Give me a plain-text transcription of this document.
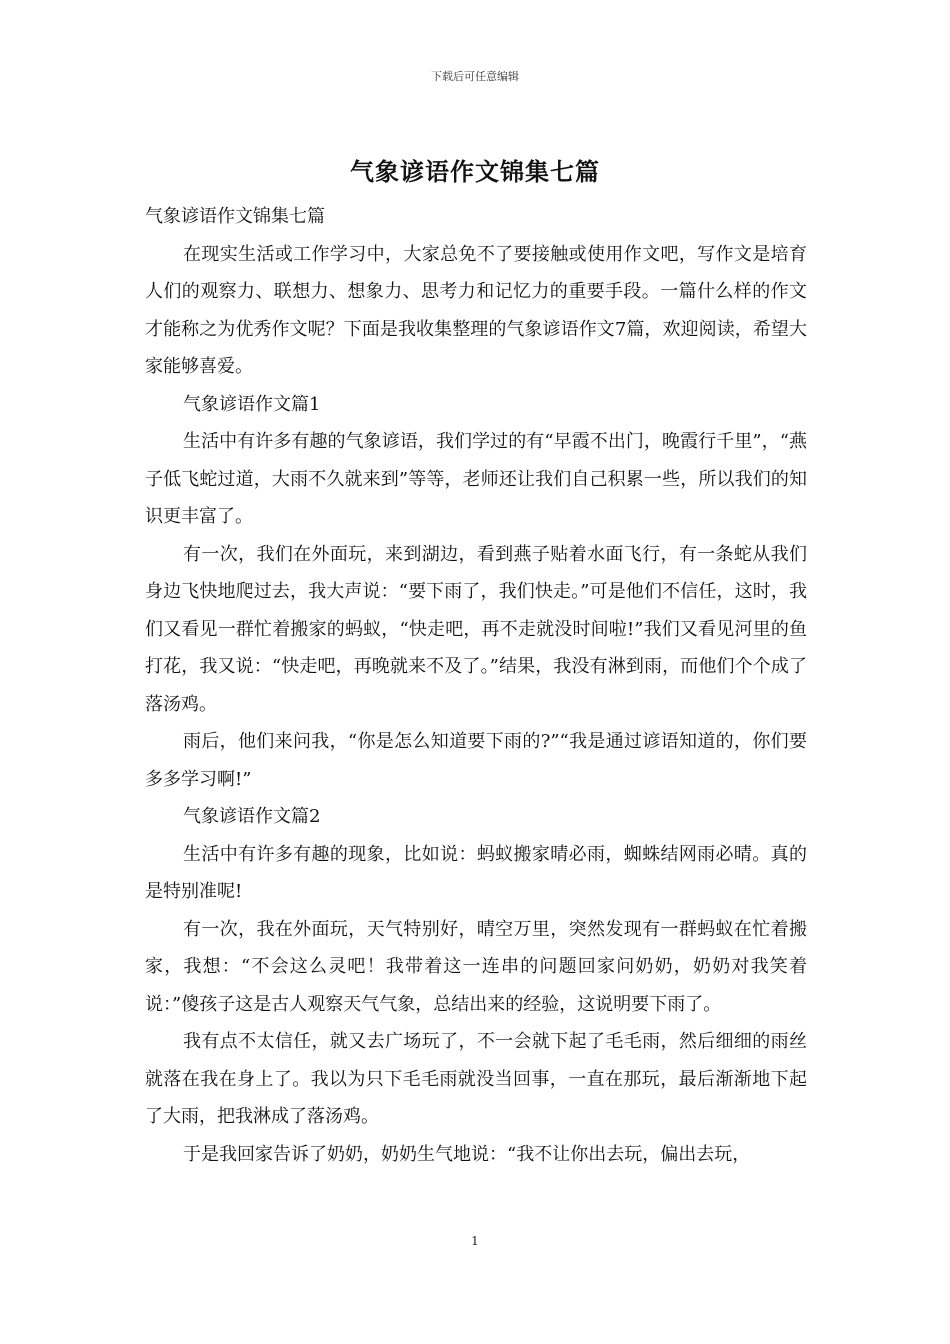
下载后可任意编辑
气象谚语作文锦集七篇

气象谚语作文锦集七篇

在现实生活或工作学习中，大家总免不了要接触或使用作文吧，写作文是培育人们的观察力、联想力、想象力、思考力和记忆力的重要手段。一篇什么样的作文才能称之为优秀作文呢？下面是我收集整理的气象谚语作文7篇，欢迎阅读，希望大家能够喜爱。

气象谚语作文篇1

生活中有许多有趣的气象谚语，我们学过的有“早霞不出门，晚霞行千里”，“燕子低飞蛇过道，大雨不久就来到”等等，老师还让我们自己积累一些，所以我们的知识更丰富了。

有一次，我们在外面玩，来到湖边，看到燕子贴着水面飞行，有一条蛇从我们身边飞快地爬过去，我大声说：“要下雨了，我们快走。”可是他们不信任，这时，我们又看见一群忙着搬家的蚂蚁，“快走吧，再不走就没时间啦!”我们又看见河里的鱼打花，我又说：“快走吧，再晚就来不及了。”结果，我没有淋到雨，而他们个个成了落汤鸡。

雨后，他们来问我，“你是怎么知道要下雨的?”“我是通过谚语知道的，你们要多多学习啊!”

气象谚语作文篇2

生活中有许多有趣的现象，比如说：蚂蚁搬家晴必雨，蜘蛛结网雨必晴。真的是特别准呢!

有一次，我在外面玩，天气特别好，晴空万里，突然发现有一群蚂蚁在忙着搬家，我想：“不会这么灵吧！我带着这一连串的问题回家问奶奶，奶奶对我笑着说：”傻孩子这是古人观察天气气象，总结出来的经验，这说明要下雨了。

我有点不太信任，就又去广场玩了，不一会就下起了毛毛雨，然后细细的雨丝就落在我在身上了。我以为只下毛毛雨就没当回事，一直在那玩，最后渐渐地下起了大雨，把我淋成了落汤鸡。

于是我回家告诉了奶奶，奶奶生气地说：“我不让你出去玩，偏出去玩，

1
